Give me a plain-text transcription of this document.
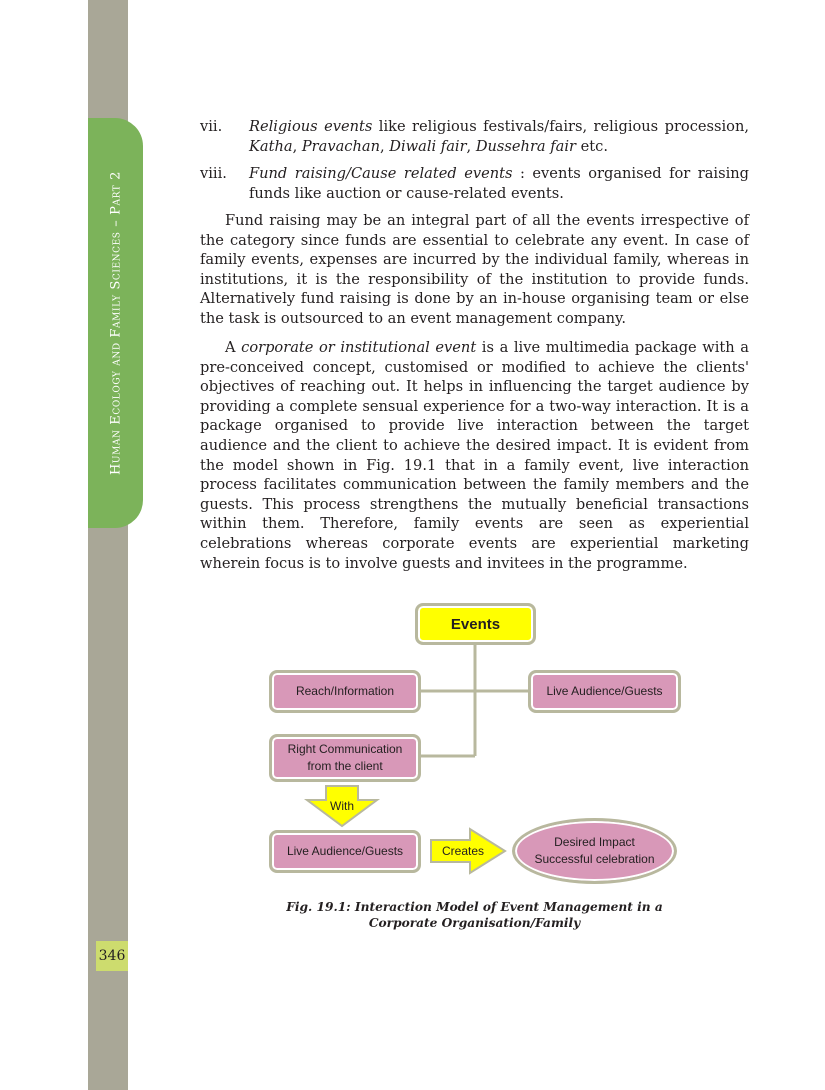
Human Ecology and Family Sciences – Part 2
346
vii.	Religious events like religious festivals/fairs, religious procession, Katha, Pravachan, Diwali fair, Dussehra fair etc.
viii.	Fund raising/Cause related events : events organised for raising funds like auction or cause-related events.

Fund raising may be an integral part of all the events irrespective of the category since funds are essential to celebrate any event. In case of family events, expenses are incurred by the individual family, whereas in institutions, it is the responsibility of the institution to provide funds. Alternatively fund raising is done by an in-house organising team or else the task is outsourced to an event management company.

A corporate or institutional event is a live multimedia package with a pre-conceived concept, customised or modified to achieve the clients' objectives of reaching out. It helps in influencing the target audience by providing a complete sensual experience for a two-way interaction. It is a package organised to provide live interaction between the target audience and the client to achieve the desired impact. It is evident from the model shown in Fig. 19.1 that in a family event, live interaction process facilitates communication between the family members and the guests. This process strengthens the mutually beneficial transactions within them. Therefore, family events are seen as experiential celebrations whereas corporate events are experiential marketing wherein focus is to involve guests and invitees in the programme.

Events
Reach/Information	Live Audience/Guests
Right Communication
from the client
With
Live Audience/Guests	Creates
Desired Impact
Successful celebration
Fig. 19.1: Interaction Model of Event Management in a
Corporate Organisation/Family
